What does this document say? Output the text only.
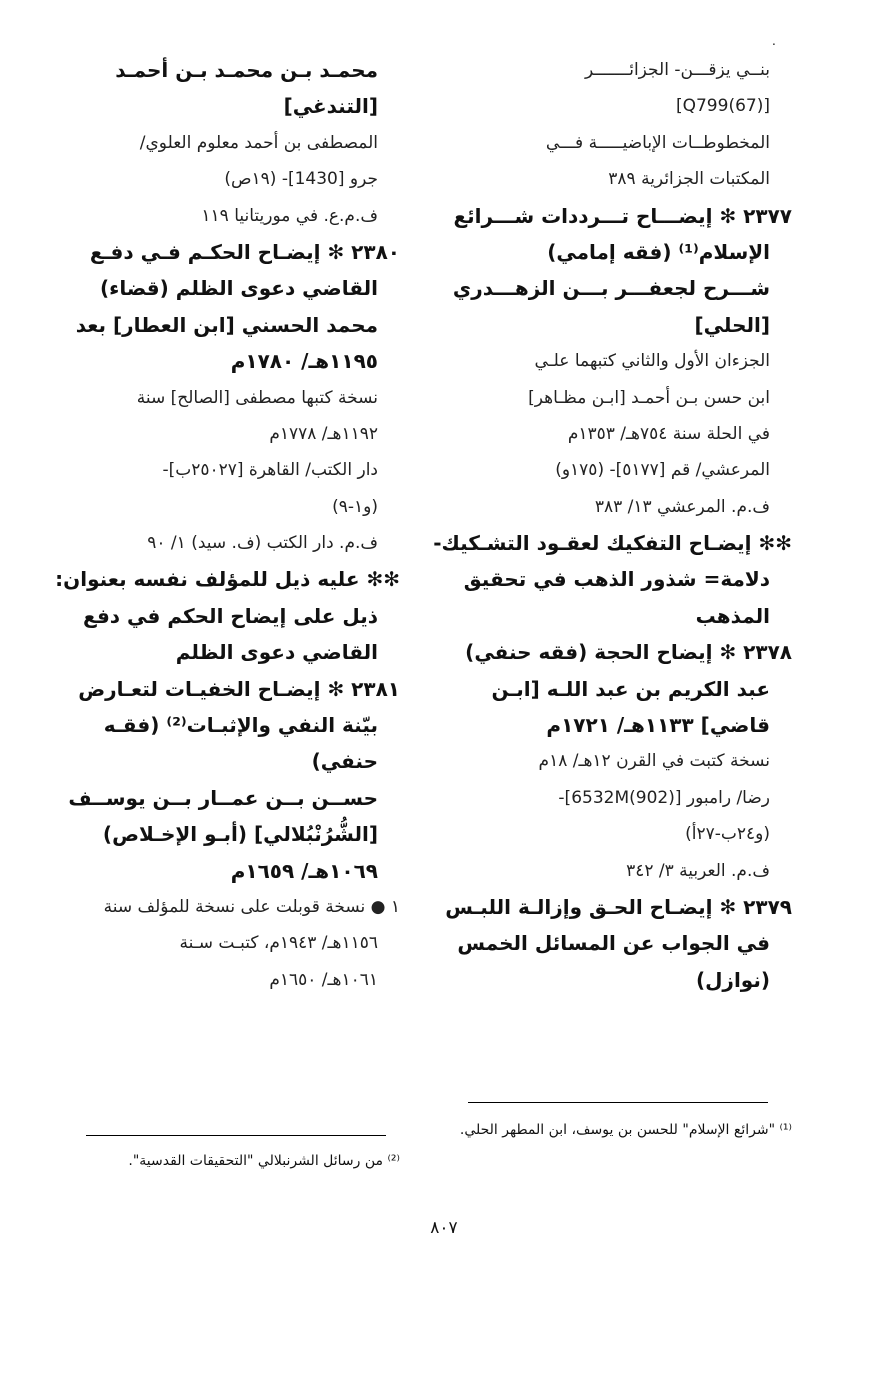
.
بنــي يزقـــن- الجزائـــــــر
[(67)Q799]
المخطوطــات الإباضيـــــة فـــي
المكتبات الجزائرية ٣٨٩
٢٣٧٧ ✻ إيضـــاح تـــرددات شـــرائع
الإسلام⁽¹⁾ (فقه إمامي)
شـــرح لجعفـــر بـــن الزهـــدري
[الحلي]
الجزءان الأول والثاني كتبهما علـي
ابن حسن بـن أحمـد [ابـن مظـاهر]
في الحلة سنة ٧٥٤هـ/ ١٣٥٣م
المرعشي/ قم [٥١٧٧]- (١٧٥و)
ف.م. المرعشي ١٣/ ٣٨٣
✻✻ إيضـاح التفكيك لعقـود التشـكيك-
دلامة= شذور الذهب في تحقيق
المذهب
٢٣٧٨ ✻ إيضاح الحجة (فقه حنفي)
عبد الكريم بن عبد اللـه [ابـن
قاضي] ١١٣٣هـ/ ١٧٢١م
نسخة كتبت في القرن ١٢هـ/ ١٨م
رضا/ رامبور [6532M(902)]-
(و٢٤ب-٢٧أ)
ف.م. العربية ٣/ ٣٤٢
٢٣٧٩ ✻ إيضـاح الحـق وإزالـة اللبـس
في الجواب عن المسائل الخمس
(نوازل)
محمـد بـن محمـد بـن أحمـد
[التندغي]
المصطفى بن أحمد معلوم العلوي/
جرو [1430]- (١٩ص)
ف.م.ع. في موريتانيا ١١٩
٢٣٨٠ ✻ إيضـاح الحكـم فـي دفـع
القاضي دعوى الظلم (قضاء)
محمد الحسني [ابن العطار] بعد
١١٩٥هـ/ ١٧٨٠م
نسخة كتبها مصطفى [الصالح] سنة
١١٩٢هـ/ ١٧٧٨م
دار الكتب/ القاهرة [٢٥٠٢٧ب]-
(و١-٩)
ف.م. دار الكتب (ف. سيد) ١/ ٩٠
✻✻ عليه ذيل للمؤلف نفسه بعنوان:
ذيل على إيضاح الحكم في دفع
القاضي دعوى الظلم
٢٣٨١ ✻ إيضـاح الخفيـات لتعـارض
بيّنة النفي والإثبـات⁽²⁾ (فقـه
حنفي)
حســن بــن عمــار بــن يوســف
[الشُّرُنْبُلالي] (أبـو الإخـلاص)
١٠٦٩هـ/ ١٦٥٩م
١ ● نسخة قوبلت على نسخة للمؤلف سنة
١١٥٦هـ/ ١٩٤٣م، كتبـت سـنة
١٠٦١هـ/ ١٦٥٠م
⁽¹⁾ "شرائع الإسلام" للحسن بن يوسف، ابن المطهر الحلي.
⁽²⁾ من رسائل الشرنبلالي "التحقيقات القدسية".
٨٠٧
